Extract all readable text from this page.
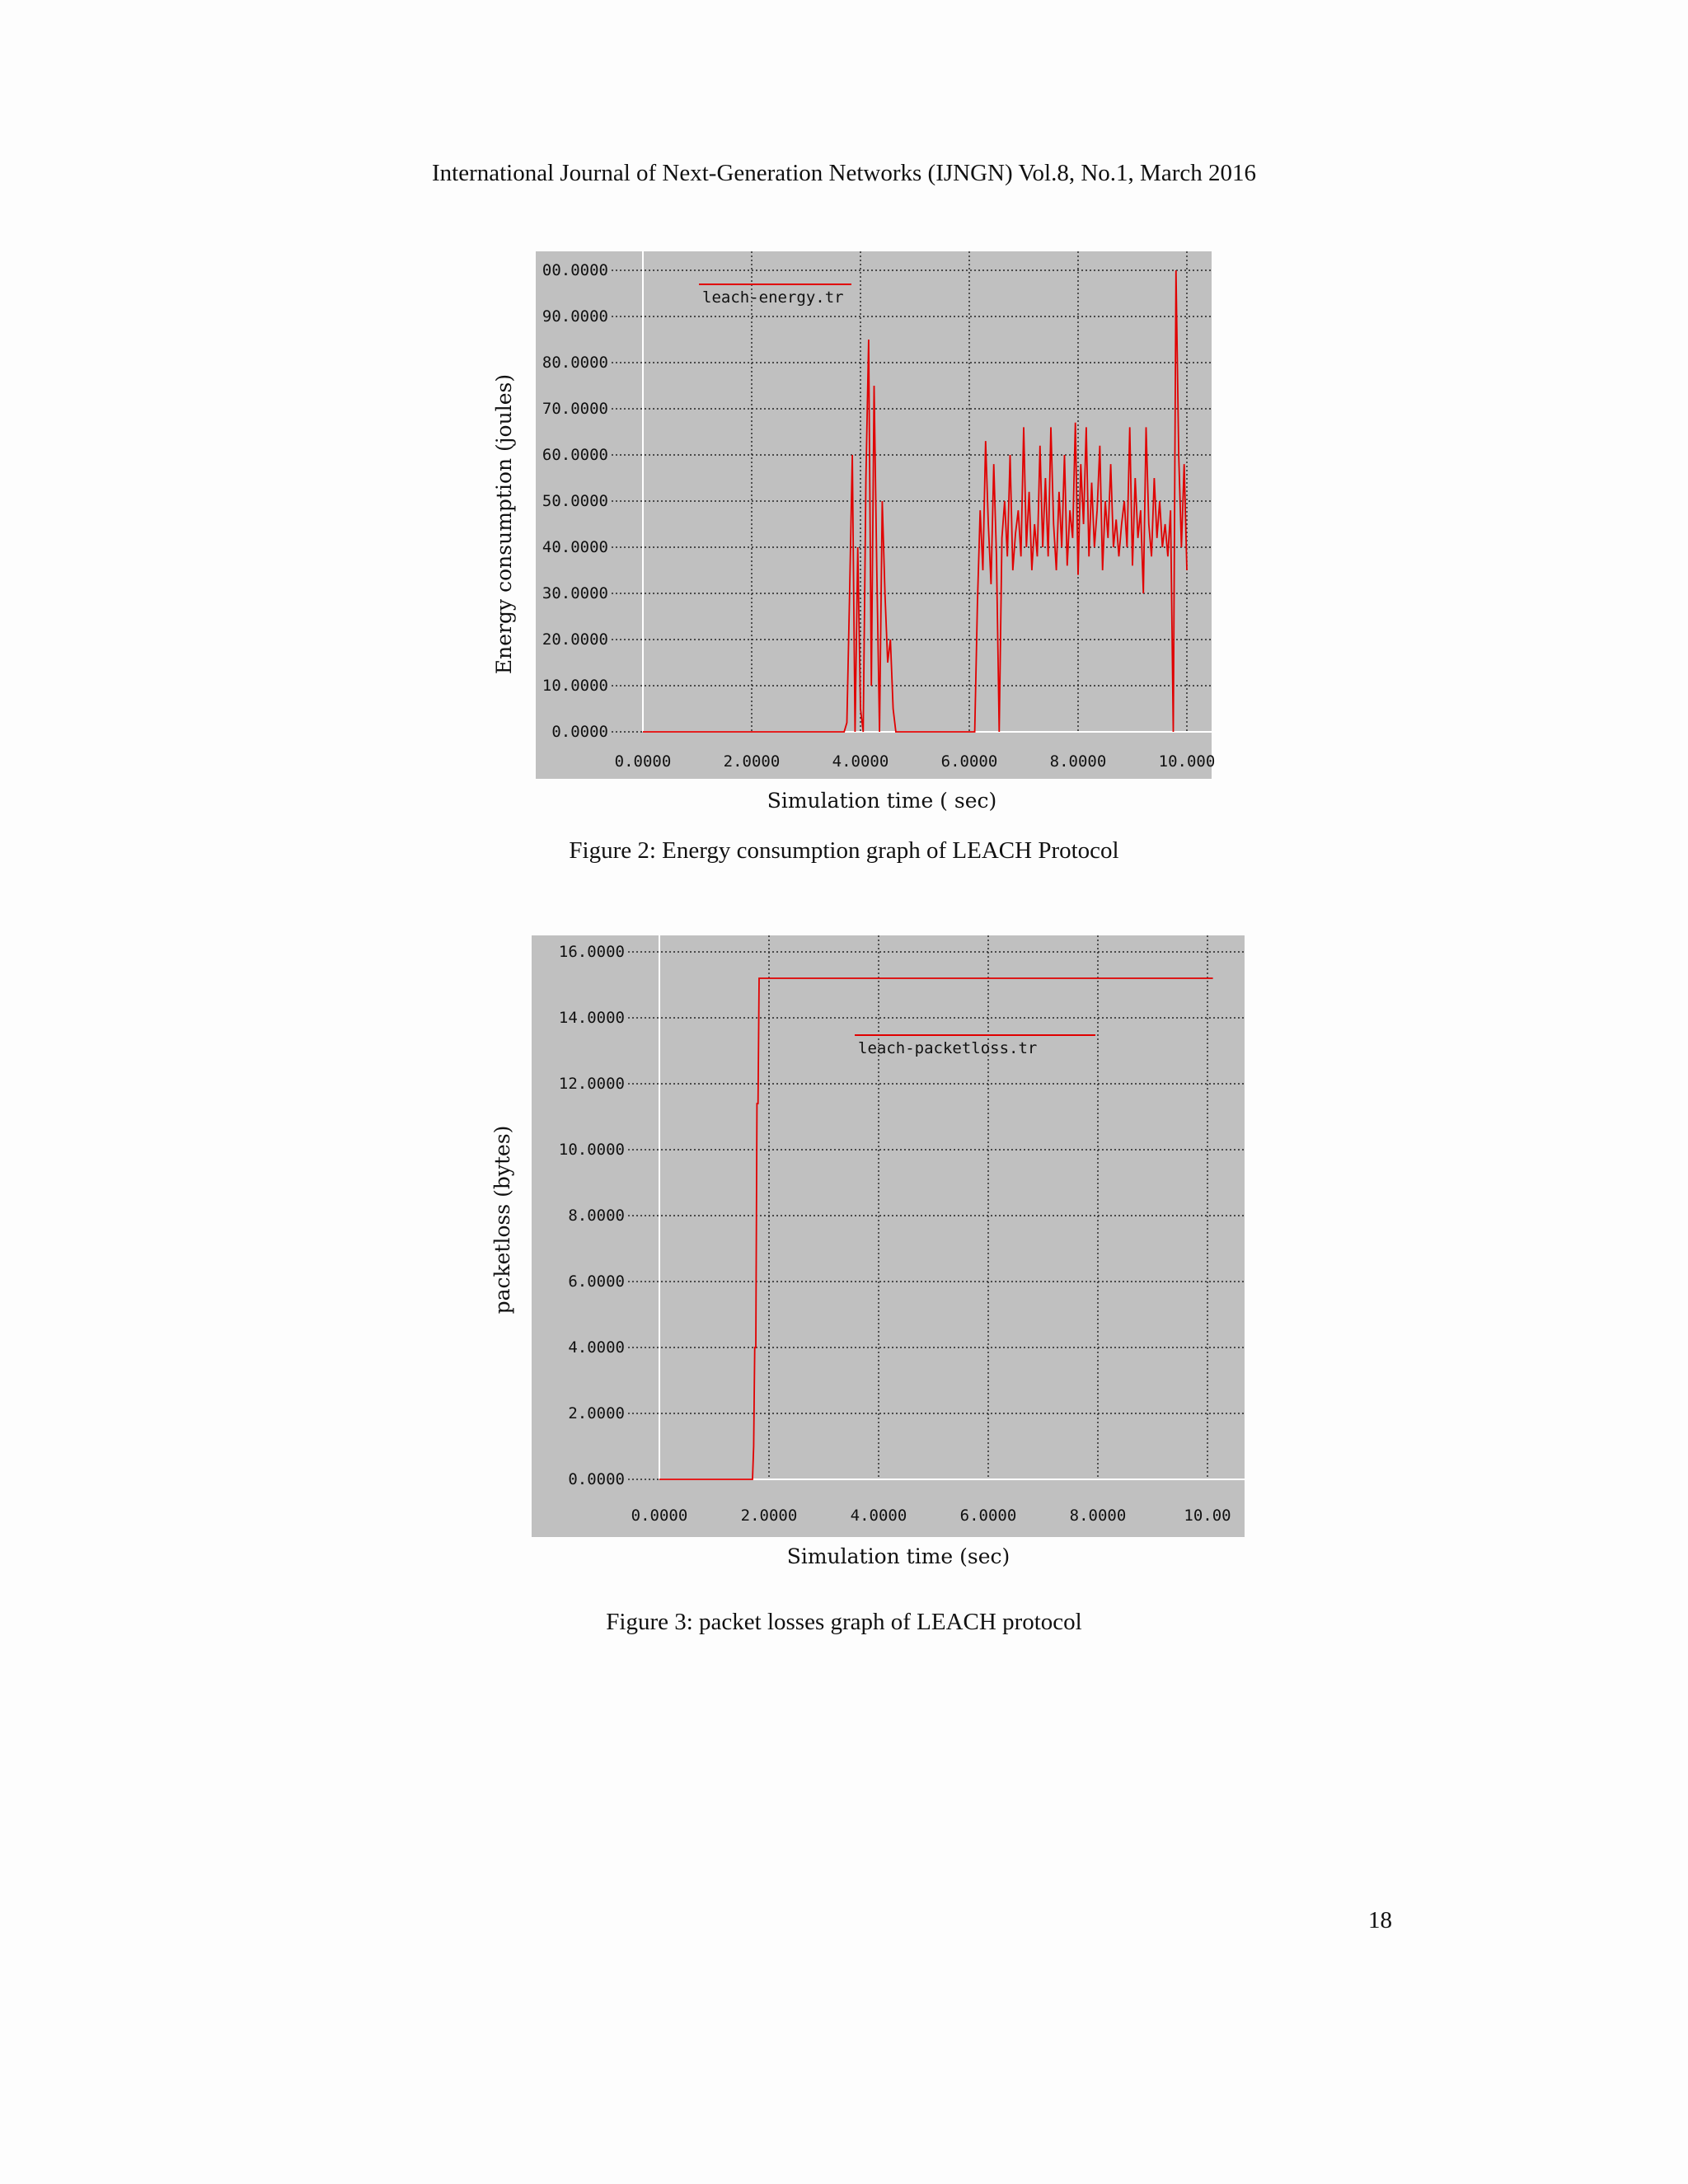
International Journal of Next-Generation Networks (IJNGN) Vol.8, No.1, March 2016
0.0000
10.0000
20.0000
30.0000
40.0000
50.0000
60.0000
70.0000
80.0000
90.0000
00.0000
0.0000	2.0000	4.0000	6.0000	8.0000	10.000
leach-energy.tr
Simulation time ( sec)
Energy consumption (joules)
Figure 2: Energy consumption graph of LEACH Protocol
0.0000
2.0000
4.0000
6.0000
8.0000
10.0000
12.0000
14.0000
16.0000
0.0000	2.0000	4.0000	6.0000	8.0000	10.00
leach-packetloss.tr
Simulation time (sec)
packetloss (bytes)
Figure 3: packet losses graph of LEACH protocol
18
